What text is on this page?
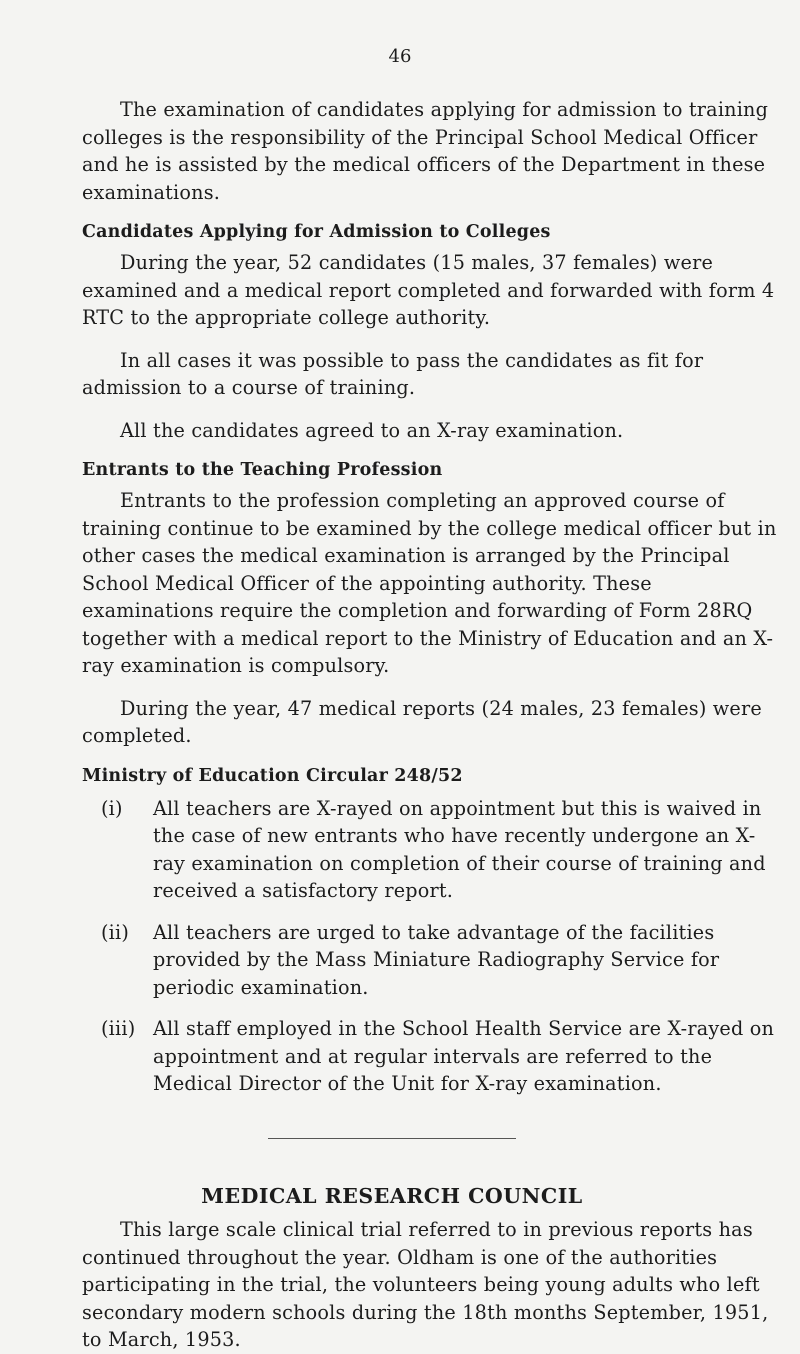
46

The examination of candidates applying for admission to training colleges is the responsibility of the Principal School Medical Officer and he is assisted by the medical officers of the Department in these examinations.

Candidates Applying for Admission to Colleges

During the year, 52 candidates (15 males, 37 females) were examined and a medical report completed and forwarded with form 4 RTC to the appropriate college authority.

In all cases it was possible to pass the candidates as fit for admission to a course of training.

All the candidates agreed to an X-ray examination.

Entrants to the Teaching Profession

Entrants to the profession completing an approved course of training continue to be examined by the college medical officer but in other cases the medical examination is arranged by the Principal School Medical Officer of the appointing authority. These examinations require the completion and forwarding of Form 28RQ together with a medical report to the Ministry of Education and an X-ray examination is compulsory.

During the year, 47 medical reports (24 males, 23 females) were completed.

Ministry of Education Circular 248/52
(i)	All teachers are X-rayed on appointment but this is waived in the case of new entrants who have recently undergone an X-ray examination on completion of their course of training and received a satisfactory report.
(ii)	All teachers are urged to take advantage of the facilities provided by the Mass Miniature Radiography Service for periodic examination.
(iii) All staff employed in the School Health Service are X-rayed on appointment and at regular intervals are referred to the Medical Director of the Unit for X-ray examination.
MEDICAL RESEARCH COUNCIL

This large scale clinical trial referred to in previous reports has continued throughout the year. Oldham is one of the authorities participating in the trial, the volunteers being young adults who left secondary modern schools during the 18th months September, 1951, to March, 1953.
